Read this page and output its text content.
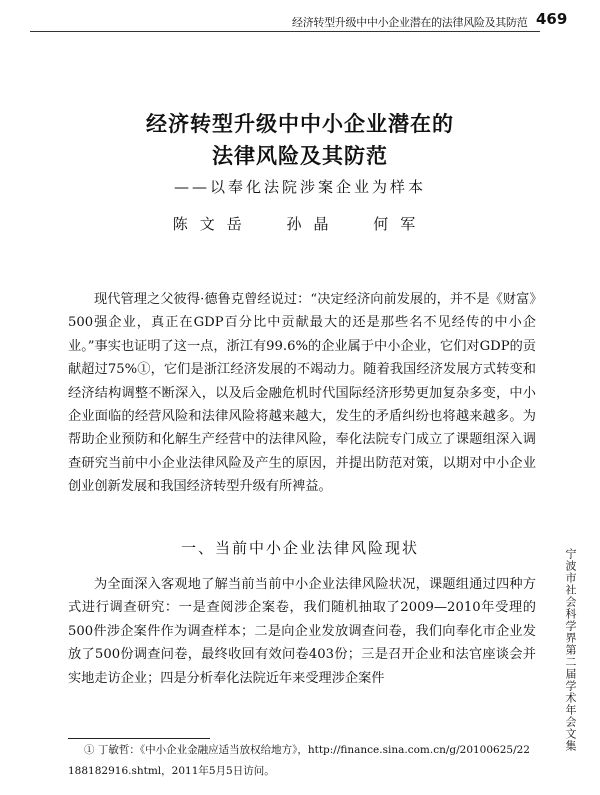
经济转型升级中中小企业潜在的法律风险及其防范 469
经济转型升级中中小企业潜在的
法律风险及其防范
——以奉化法院涉案企业为样本
陈文岳 孙晶 何军

现代管理之父彼得·德鲁克曾经说过：“决定经济向前发展的，并不是《财富》500强企业，真正在GDP百分比中贡献最大的还是那些名不见经传的中小企业。”事实也证明了这一点，浙江有99.6%的企业属于中小企业，它们对GDP的贡献超过75%①，它们是浙江经济发展的不竭动力。随着我国经济发展方式转变和经济结构调整不断深入，以及后金融危机时代国际经济形势更加复杂多变，中小企业面临的经营风险和法律风险将越来越大，发生的矛盾纠纷也将越来越多。为帮助企业预防和化解生产经营中的法律风险，奉化法院专门成立了课题组深入调查研究当前中小企业法律风险及产生的原因，并提出防范对策，以期对中小企业创业创新发展和我国经济转型升级有所裨益。

一、当前中小企业法律风险现状

为全面深入客观地了解当前当前中小企业法律风险状况，课题组通过四种方式进行调查研究：一是查阅涉企案卷，我们随机抽取了2009—2010年受理的500件涉企案件作为调查样本；二是向企业发放调查问卷，我们向奉化市企业发放了500份调查问卷，最终收回有效问卷403份；三是召开企业和法官座谈会并实地走访企业；四是分析奉化法院近年来受理涉企案件	宁波市社会科学界第二届学术年会文集

① 丁敏哲：《中小企业金融应适当放权给地方》，http://finance.sina.com.cn/g/20100625/22188182916.shtml，2011年5月5日访问。
